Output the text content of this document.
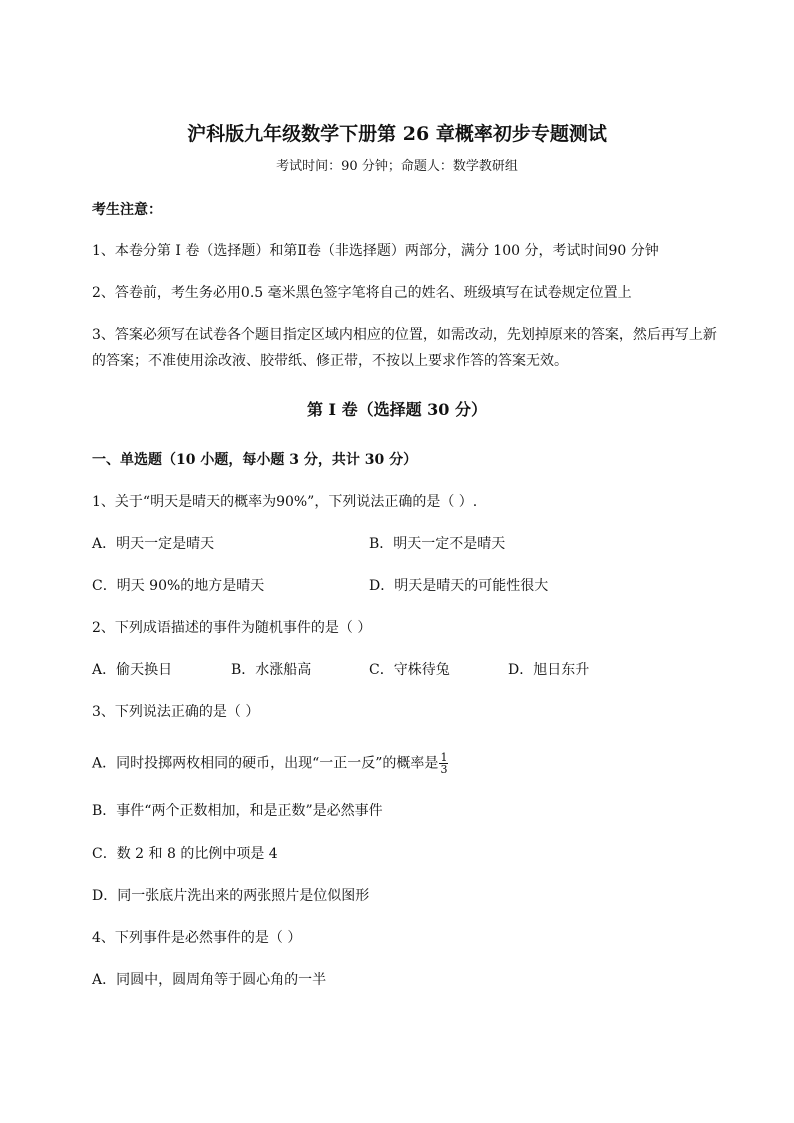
沪科版九年级数学下册第 26 章概率初步专题测试
考试时间：90 分钟；命题人：数学教研组
考生注意：
1、本卷分第 I 卷（选择题）和第Ⅱ卷（非选择题）两部分，满分 100 分，考试时间90 分钟
2、答卷前，考生务必用0.5 毫米黑色签字笔将自己的姓名、班级填写在试卷规定位置上
3、答案必须写在试卷各个题目指定区域内相应的位置，如需改动，先划掉原来的答案，然后再写上新
的答案；不准使用涂改液、胶带纸、修正带，不按以上要求作答的答案无效。
第 I 卷（选择题 30 分）
一、单选题（10 小题，每小题 3 分，共计 30 分）
1、关于“明天是晴天的概率为90%”，下列说法正确的是（ ）.
A．明天一定是晴天	B．明天一定不是晴天
C．明天 90%的地方是晴天	D．明天是晴天的可能性很大
2、下列成语描述的事件为随机事件的是（ ）
A．偷天换日	B．水涨船高	C．守株待兔	D．旭日东升
3、下列说法正确的是（ ）
A．同时投掷两枚相同的硬币，出现“一正一反”的概率是 $\frac{1}{3}$
B．事件“两个正数相加，和是正数”是必然事件
C．数 2 和 8 的比例中项是 4
D．同一张底片洗出来的两张照片是位似图形
4、下列事件是必然事件的是（ ）
A．同圆中，圆周角等于圆心角的一半
